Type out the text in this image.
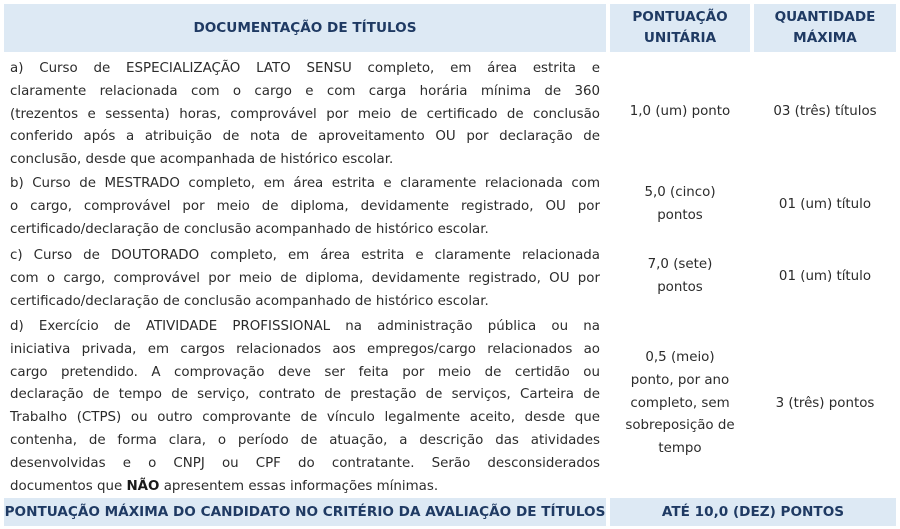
DOCUMENTAÇÃO DE TÍTULOS
PONTUAÇÃO
UNITÁRIA
QUANTIDADE
MÁXIMA
a) Curso de ESPECIALIZAÇÃO LATO SENSU completo, em área estrita e
claramente relacionada com o cargo e com carga horária mínima de 360
(trezentos e sessenta) horas, comprovável por meio de certificado de conclusão
conferido após a atribuição de nota de aproveitamento OU por declaração de
conclusão, desde que acompanhada de histórico escolar.
1,0 (um) ponto	03 (três) títulos
b) Curso de MESTRADO completo, em área estrita e claramente relacionada com
o cargo, comprovável por meio de diploma, devidamente registrado, OU por
certificado/declaração de conclusão acompanhado de histórico escolar.
5,0 (cinco)
pontos
01 (um) título
c) Curso de DOUTORADO completo, em área estrita e claramente relacionada
com o cargo, comprovável por meio de diploma, devidamente registrado, OU por
certificado/declaração de conclusão acompanhado de histórico escolar.
7,0 (sete)
pontos
01 (um) título
d) Exercício de ATIVIDADE PROFISSIONAL na administração pública ou na
iniciativa privada, em cargos relacionados aos empregos/cargo relacionados ao
cargo pretendido. A comprovação deve ser feita por meio de certidão ou
declaração de tempo de serviço, contrato de prestação de serviços, Carteira de
Trabalho (CTPS) ou outro comprovante de vínculo legalmente aceito, desde que
contenha, de forma clara, o período de atuação, a descrição das atividades
desenvolvidas e o CNPJ ou CPF do contratante. Serão desconsiderados
documentos que NÃO apresentem essas informações mínimas.
0,5 (meio)
ponto, por ano
completo, sem
sobreposição de
tempo
3 (três) pontos
PONTUAÇÃO MÁXIMA DO CANDIDATO NO CRITÉRIO DA AVALIAÇÃO DE TÍTULOS	ATÉ 10,0 (DEZ) PONTOS
